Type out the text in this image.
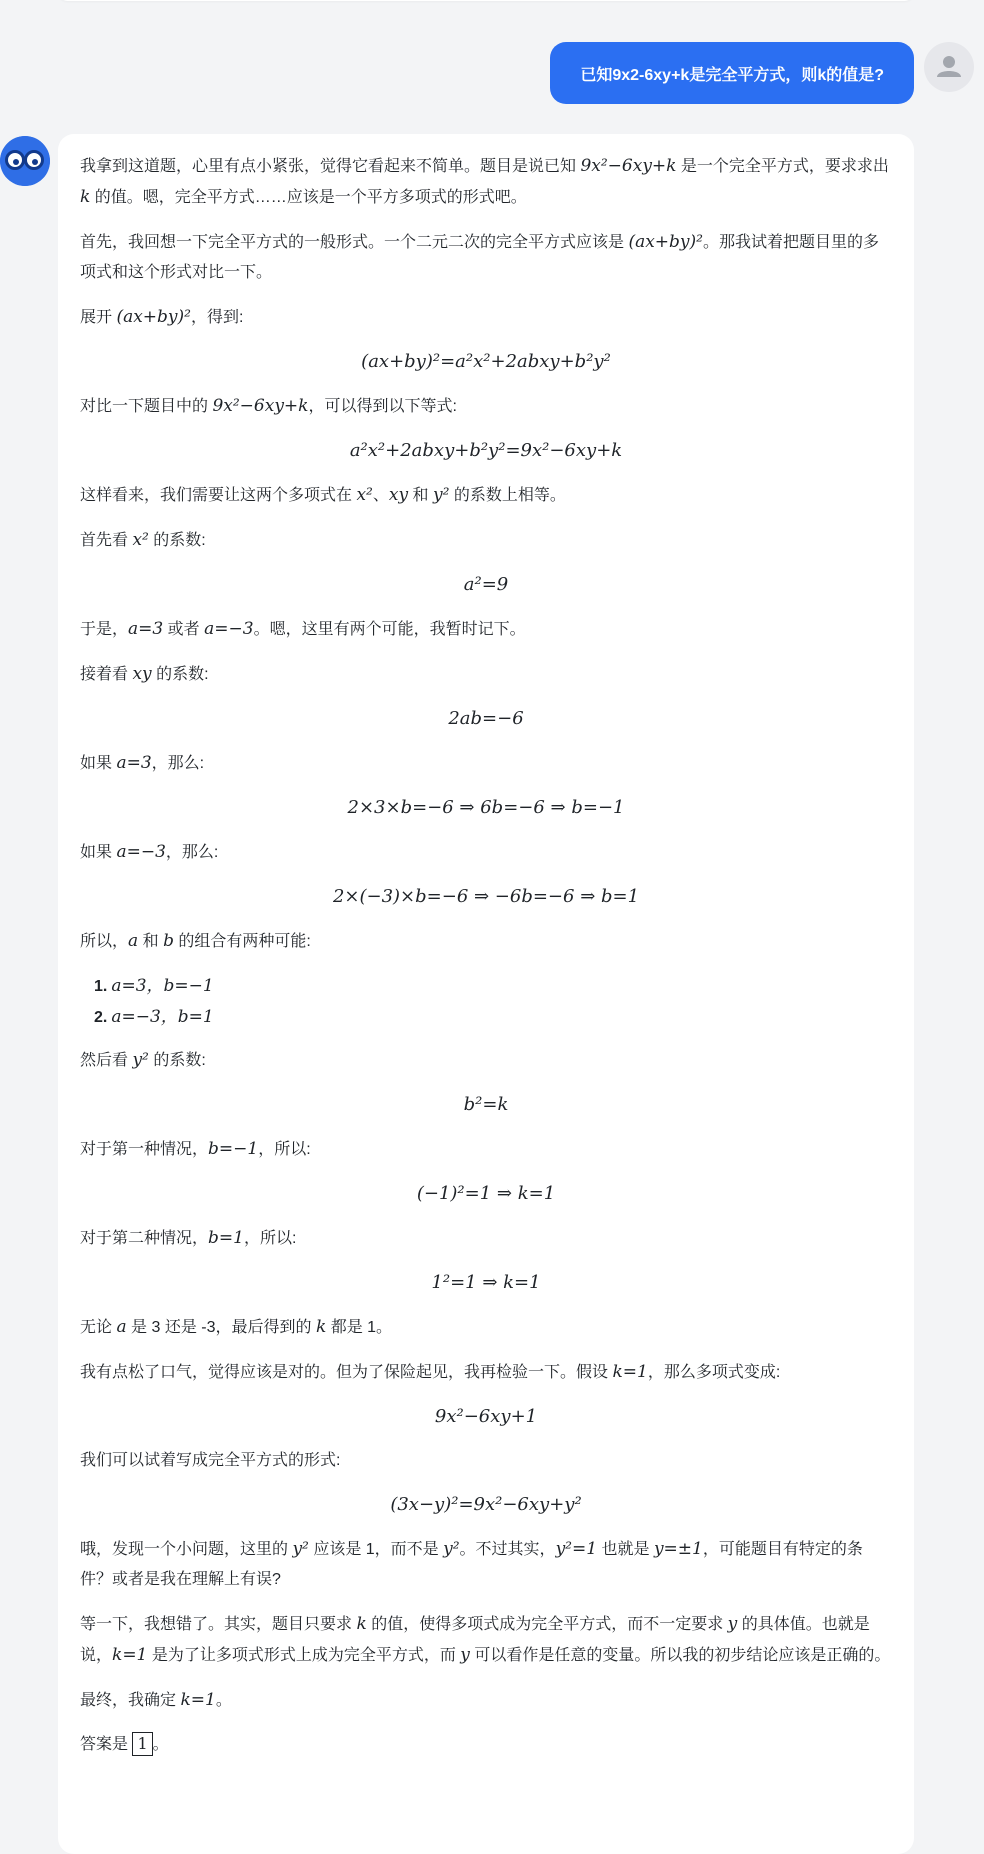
已知9x2-6xy+k是完全平方式，则k的值是?

我拿到这道题，心里有点小紧张，觉得它看起来不简单。题目是说已知 9x²−6xy+k 是一个完全平方式，要求求出 k 的值。嗯，完全平方式……应该是一个平方多项式的形式吧。

首先，我回想一下完全平方式的一般形式。一个二元二次的完全平方式应该是 (ax+by)²。那我试着把题目里的多项式和这个形式对比一下。

展开 (ax+by)²，得到:

(ax+by)²=a²x²+2abxy+b²y²

对比一下题目中的 9x²−6xy+k，可以得到以下等式:

a²x²+2abxy+b²y²=9x²−6xy+k

这样看来，我们需要让这两个多项式在 x²、xy 和 y² 的系数上相等。

首先看 x² 的系数:

a²=9

于是，a=3 或者 a=−3。嗯，这里有两个可能，我暂时记下。

接着看 xy 的系数:

2ab=−6

如果 a=3，那么:

2×3×b=−6 ⇒ 6b=−6 ⇒ b=−1

如果 a=−3，那么:

2×(−3)×b=−6 ⇒ −6b=−6 ⇒ b=1

所以，a 和 b 的组合有两种可能:

1. a=3，b=−1
2. a=−3，b=1

然后看 y² 的系数:

b²=k

对于第一种情况，b=−1，所以:

(−1)²=1 ⇒ k=1

对于第二种情况，b=1，所以:

1²=1 ⇒ k=1

无论 a 是 3 还是 -3，最后得到的 k 都是 1。

我有点松了口气，觉得应该是对的。但为了保险起见，我再检验一下。假设 k=1，那么多项式变成:

9x²−6xy+1

我们可以试着写成完全平方式的形式:

(3x−y)²=9x²−6xy+y²

哦，发现一个小问题，这里的 y² 应该是 1，而不是 y²。不过其实，y²=1 也就是 y=±1，可能题目有特定的条件？或者是我在理解上有误?

等一下，我想错了。其实，题目只要求 k 的值，使得多项式成为完全平方式，而不一定要求 y 的具体值。也就是说，k=1 是为了让多项式形式上成为完全平方式，而 y 可以看作是任意的变量。所以我的初步结论应该是正确的。

最终，我确定 k=1。

答案是 1 。
